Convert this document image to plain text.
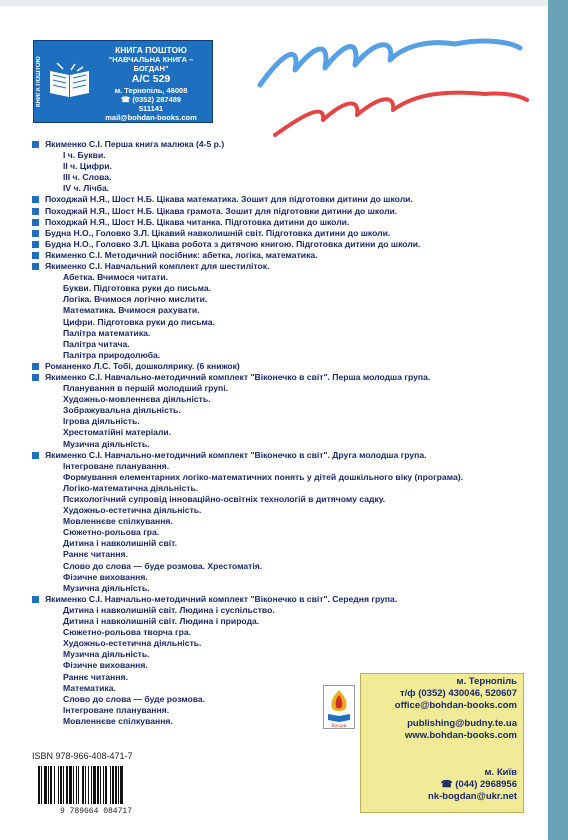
КНИГА ПОШТОЮ
КНИГА ПОШТОЮ
"НАВЧАЛЬНА КНИГА – БОГДАН"
А/С 529
м. Тернопіль, 46008
☎ (0352) 287489
511141
mail@bohdan-books.com
Якименко С.І. Перша книга малюка (4-5 р.)
І ч. Букви.
ІІ ч. Цифри.
ІІІ ч. Слова.
ІV ч. Лічба.
Походжай Н.Я., Шост Н.Б. Цікава математика. Зошит для підготовки дитини до школи.
Походжай Н.Я., Шост Н.Б. Цікава грамота. Зошит для підготовки дитини до школи.
Походжай Н.Я., Шост Н.Б. Цікава читанка. Підготовка дитини до школи.
Будна Н.О., Головко З.Л. Цікавий навколишній світ. Підготовка дитини до школи.
Будна Н.О., Головко З.Л. Цікава робота з дитячою книгою. Підготовка дитини до школи.
Якименко С.І. Методичний посібник: абетка, логіка, математика.
Якименко С.І. Навчальний комплект для шестиліток.
Абетка. Вчимося читати.
Букви. Підготовка руки до письма.
Логіка. Вчимося логічно мислити.
Математика. Вчимося рахувати.
Цифри. Підготовка руки до письма.
Палітра математика.
Палітра читача.
Палітра природолюба.
Романенко Л.С. Тобі, дошколярику. (6 книжок)
Якименко С.І. Навчально-методичний комплект "Віконечко в світ". Перша молодша група.
Планування в першій молодший групі.
Художньо-мовленнєва діяльність.
Зображувальна діяльність.
Ігрова діяльність.
Хрестоматійні матеріали.
Музична діяльність.
Якименко С.І. Навчально-методичний комплект "Віконечко в світ". Друга молодша група.
Інтегроване планування.
Формування елементарних логіко-математичних понять у дітей дошкільного віку (програма).
Логіко-математична діяльність.
Психологічний супровід інноваційно-освітніх технологій в дитячому садку.
Художньо-естетична діяльність.
Мовленнєве спілкування.
Сюжетно-рольова гра.
Дитина і навколишній світ.
Раннє читання.
Слово до слова — буде розмова. Хрестоматія.
Фізичне виховання.
Музична діяльність.
Якименко С.І. Навчально-методичний комплект "Віконечко в світ". Середня група.
Дитина і навколишній світ. Людина і суспільство.
Дитина і навколишній світ. Людина і природа.
Сюжетно-рольова творча гра.
Художньо-естетична діяльність.
Музична діяльність.
Фізичне виховання.
Раннє читання.
Математика.
Слово до слова — буде розмова.
Інтегроване планування.
Мовленнєве спілкування.
Богдан
м. Тернопіль
т/ф (0352) 430046, 520607
office@bohdan-books.com
publishing@budny.te.ua
www.bohdan-books.com
м. Київ
☎ (044) 2968956
nk-bogdan@ukr.net
ISBN 978-966-408-471-7
9 789664 084717
